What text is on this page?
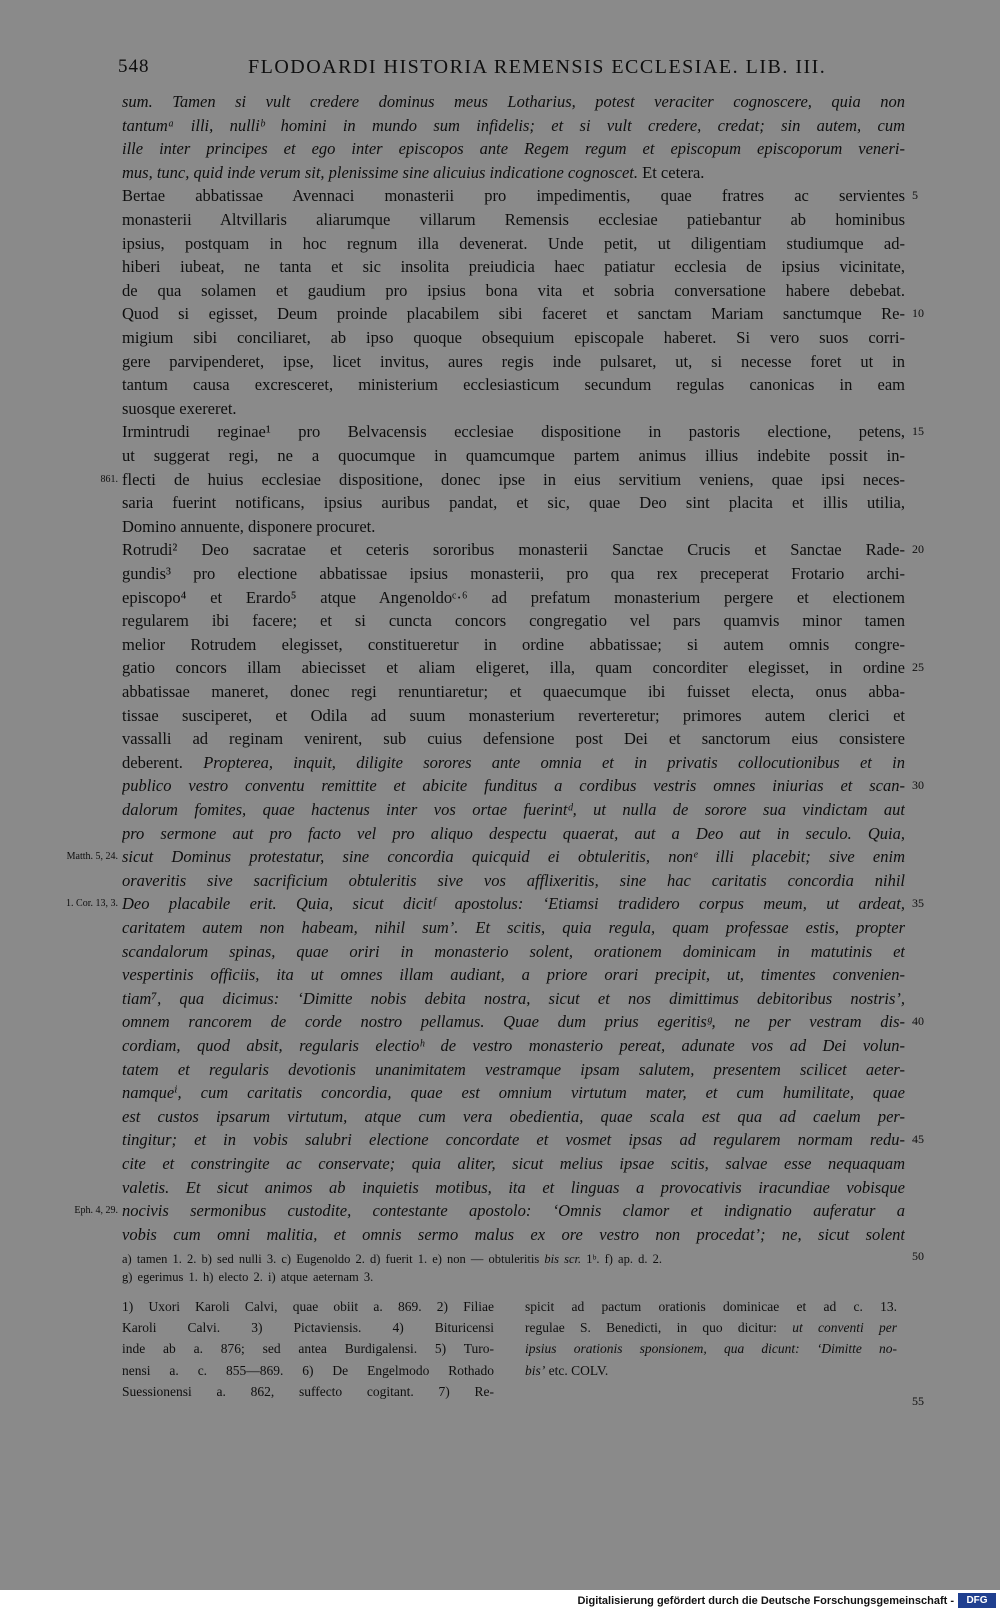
548	FLODOARDI HISTORIA REMENSIS ECCLESIAE. LIB. III.
sum. Tamen si vult credere dominus meus Lotharius, potest veraciter cognoscere, quia non
tantumᵃ illi, nulliᵇ homini in mundo sum infidelis; et si vult credere, credat; sin autem, cum
ille inter principes et ego inter episcopos ante Regem regum et episcopum episcoporum veneri-
mus, tunc, quid inde verum sit, plenissime sine alicuius indicatione cognoscet. Et cetera.
Bertae abbatissae Avennaci monasterii pro impedimentis, quae fratres ac servientes 5
monasterii Altvillaris aliarumque villarum Remensis ecclesiae patiebantur ab hominibus
ipsius, postquam in hoc regnum illa devenerat. Unde petit, ut diligentiam studiumque ad-
hiberi iubeat, ne tanta et sic insolita preiudicia haec patiatur ecclesia de ipsius vicinitate,
de qua solamen et gaudium pro ipsius bona vita et sobria conversatione habere debebat.
Quod si egisset, Deum proinde placabilem sibi faceret et sanctam Mariam sanctumque Re- 10
migium sibi conciliaret, ab ipso quoque obsequium episcopale haberet. Si vero suos corri-
gere parvipenderet, ipse, licet invitus, aures regis inde pulsaret, ut, si necesse foret ut in
tantum causa excresceret, ministerium ecclesiasticum secundum regulas canonicas in eam
suosque exereret.
Irmintrudi reginae¹ pro Belvacensis ecclesiae dispositione in pastoris electione, petens, 15
ut suggerat regi, ne a quocumque in quamcumque partem animus illius indebite possit in-
flecti de huius ecclesiae dispositione, donec ipse in eius servitium veniens, quae ipsi neces-
861.
saria fuerint notificans, ipsius auribus pandat, et sic, quae Deo sint placita et illis utilia,
Domino annuente, disponere procuret.
Rotrudi² Deo sacratae et ceteris sororibus monasterii Sanctae Crucis et Sanctae Rade- 20
gundis³ pro electione abbatissae ipsius monasterii, pro qua rex preceperat Frotario archi-
episcopo⁴ et Erardo⁵ atque Angenoldoᶜ·⁶ ad prefatum monasterium pergere et electionem
regularem ibi facere; et si cuncta concors congregatio vel pars quamvis minor tamen
melior Rotrudem elegisset, constitueretur in ordine abbatissae; si autem omnis congre-
gatio concors illam abiecisset et aliam eligeret, illa, quam concorditer elegisset, in ordine 25
abbatissae maneret, donec regi renuntiaretur; et quaecumque ibi fuisset electa, onus abba-
tissae susciperet, et Odila ad suum monasterium reverteretur; primores autem clerici et
vassalli ad reginam venirent, sub cuius defensione post Dei et sanctorum eius consistere
deberent. Propterea, inquit, diligite sorores ante omnia et in privatis collocutionibus et in
publico vestro conventu remittite et abicite funditus a cordibus vestris omnes iniurias et scan- 30
dalorum fomites, quae hactenus inter vos ortae fuerintᵈ, ut nulla de sorore sua vindictam aut
pro sermone aut pro facto vel pro aliquo despectu quaerat, aut a Deo aut in seculo. Quia,
sicut Dominus protestatur, sine concordia quicquid ei obtuleritis, nonᵉ illi placebit; sive enim
Matth. 5, 24.
oraveritis sive sacrificium obtuleritis sive vos afflixeritis, sine hac caritatis concordia nihil
Deo placabile erit. Quia, sicut dicitᶠ apostolus: ‘Etiamsi tradidero corpus meum, ut ardeat, 35
1. Cor. 13, 3.
caritatem autem non habeam, nihil sum’. Et scitis, quia regula, quam professae estis, propter
scandalorum spinas, quae oriri in monasterio solent, orationem dominicam in matutinis et
vespertinis officiis, ita ut omnes illam audiant, a priore orari precipit, ut, timentes convenien-
tiam⁷, qua dicimus: ‘Dimitte nobis debita nostra, sicut et nos dimittimus debitoribus nostris’,
omnem rancorem de corde nostro pellamus. Quae dum prius egeritisᵍ, ne per vestram dis- 40
cordiam, quod absit, regularis electioʰ de vestro monasterio pereat, adunate vos ad Dei volun-
tatem et regularis devotionis unanimitatem vestramque ipsam salutem, presentem scilicet aeter-
namqueⁱ, cum caritatis concordia, quae est omnium virtutum mater, et cum humilitate, quae
est custos ipsarum virtutum, atque cum vera obedientia, quae scala est qua ad caelum per-
tingitur; et in vobis salubri electione concordate et vosmet ipsas ad regularem normam redu- 45
cite et constringite ac conservate; quia aliter, sicut melius ipsae scitis, salvae esse nequaquam
valetis. Et sicut animos ab inquietis motibus, ita et linguas a provocativis iracundiae vobisque
nocivis sermonibus custodite, contestante apostolo: ‘Omnis clamor et indignatio auferatur a
Eph. 4, 29.
vobis cum omni malitia, et omnis sermo malus ex ore vestro non procedat’; ne, sicut solent
a) tamen 1. 2. b) sed nulli 3. c) Eugenoldo 2. d) fuerit 1. e) non — obtuleritis bis scr. 1ᵇ. f) ap. d. 2.	50
g) egerimus 1. h) electo 2. i) atque aeternam 3.
1) Uxori Karoli Calvi, quae obiit a. 869. 2) Filiae
Karoli Calvi. 3) Pictaviensis. 4) Bituricensi
inde ab a. 876; sed antea Burdigalensi. 5) Turo-
nensi a. c. 855—869. 6) De Engelmodo Rothado
Suessionensi a. 862, suffecto cogitant. 7) Re-
spicit ad pactum orationis dominicae et ad c. 13.
regulae S. Benedicti, in quo dicitur: ut conventi per
ipsius orationis sponsionem, qua dicunt: ‘Dimitte no-
bis’ etc. COLV.
55
Digitalisierung gefördert durch die Deutsche Forschungsgemeinschaft -	DFG
